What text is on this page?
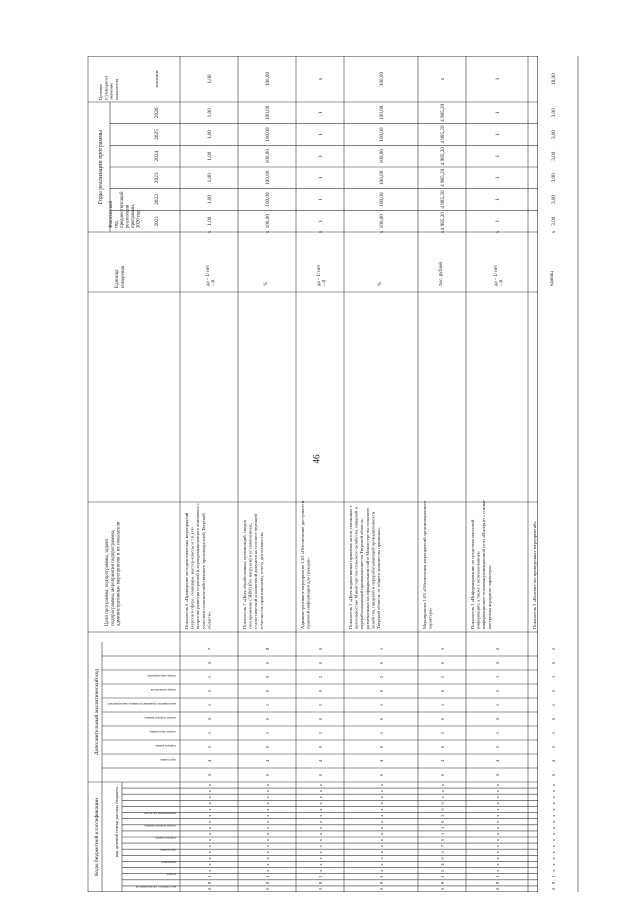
46
Коды бюджетной классификации	код целевой статьи расхода бюджета
Дополнительный аналитический код
Цели программы, подпрограммы, задачиподпрограммы, мероприятия подпрограммы,административные мероприятия и их показатели
Единицаизмерения
Фактическийгод,предшествующийреализациипрограммы,2020 год
Годы реализации программы
Целевое(суммарное)значениепоказателя	значение
2021
2022
2023
2024
2025
2026
код главного распорядителя
раздел
подраздел
программа
подпрограмма
задача подпрограммы
направление расходов
программа
подпрограмма
задача программы
задача подпрограммы
мероприятие (административное мероприятие)
номер показателя
номер мероприятия
0
8
1
х
х
х
х
х
х
х
х
х
х
х
х
х
х
х
0
4
0
1
0
1
0
1
0
7
Показатель 6 «Проведение методологических мероприятий(курсов в сфере, семинары, мастер-классы и т.п.) повопросам развития отраслей и агропромышленного комплекса сучастием сельскохозяйственного производителей Тверскойобласти»
да – 1/ нет– 0
х
1,00
1,00
1,00
1,00
1,00
1,00
1,00
0
8
1
х
х
х
х
х
х
х
х
х
х
х
х
х
х
х
0
4
0
1
0
1
0
0
0
8
Показатель 7 «Доля обработанных организаций, сводовсвоевременно (ЭВМ) (без нагрузки) в установленных,статистической и налоговой документах соответствующейотчетности, практическому отчету деятельности»
%
х
100,00
100,00
100,00
100,00
100,00
100,00
100,00
0
8
1
х
х
х
х
х
х
х
х
х
х
х
х
х
х
х
0
4
0
1
0
1
0
2
0
0
Административное мероприятие 1.02 «Обеспечение доступностиправовой информации для граждан»
да – 1/ нет– 0
х
1
1
1
1
1
1
х
0
8
1
х
х
х
х
х
х
х
х
х
х
х
х
х
х
х
0
4
0
1
0
1
0
2
0
1
Показатель 1 «Доля нормативных правовых актов, связанных сдеятельностью Министерства сельского хозяйства, пищевой иперерабатывающей промышленности Тверской области,размещенных на официальном сайте Министерства сельскогохозяйства, пищевой и перерабатывающей промышленностиТверской области, от общего количества принятых»
%
х
100,00
100,00
100,00
100,00
100,00
100,00
100,00
0
8
1
0
4
0
5
7
0
1
1
0
2
0
0
х
х
х
0
4
0
1
0
1
0
1
0
3
Мероприятие 1.03 «Обеспечение мероприятий организационногохарактера»
тыс. рублей
х
4 985,20
4 985,20
4 985,20
4 985,20
4 985,20
4 985,20
х
0
8
1
х
х
х
х
х
х
х
х
х
х
х
х
х
х
х
0
4
0
1
0
1
0
3
0
0
Показатель 1 «Информирование по средствам массовойинформации, а также с использованиеминформационно-телекоммуникационной сети «Интернет» и иныематериалы аграрного характера»
да – 1/ нет– 0
х
1
1
1
1
1
1
1
0
8
1
х
х
х
х
х
х
х
х
х
х
х
х
х
х
х
0
4
0
1
0
1
0
3
0
2
Показатель 2 «Количество проведенных мероприятий»
единиц
х
3,00
3,00
3,00
3,00
3,00
3,00
18,00
